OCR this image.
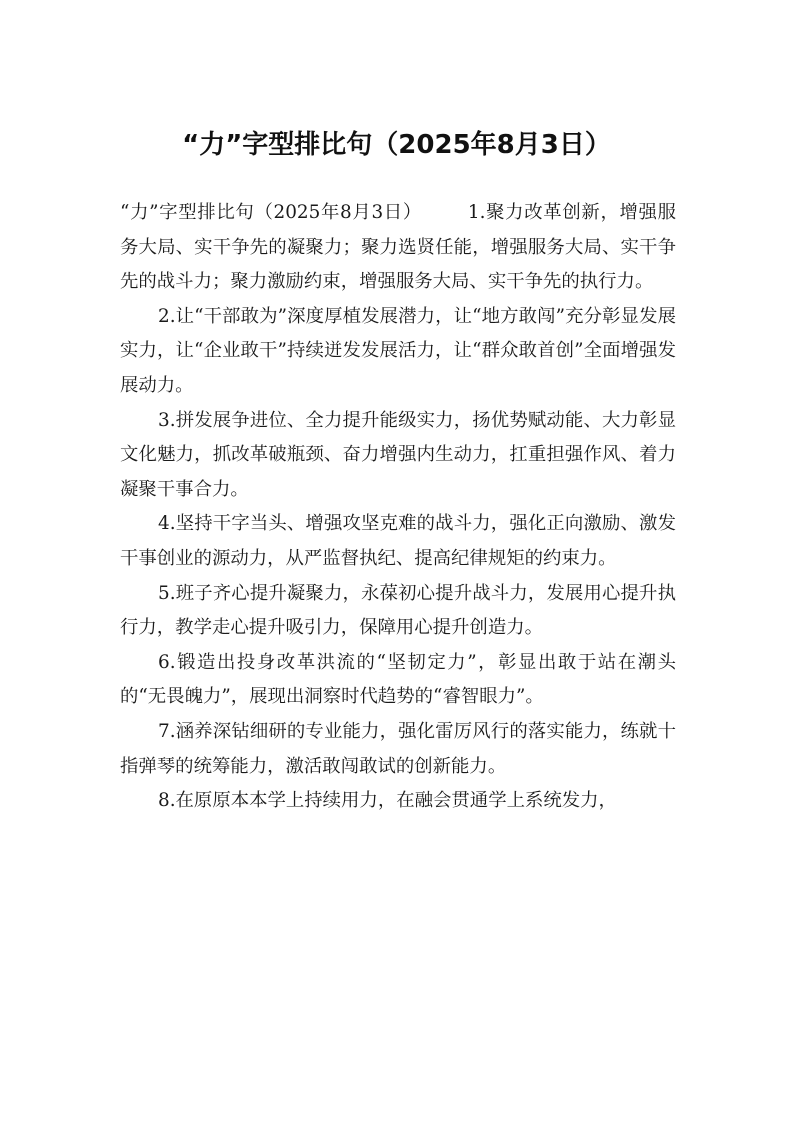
“力”字型排比句（2025年8月3日）

“力”字型排比句（2025年8月3日）	1.聚力改革创新，增强服务大局、实干争先的凝聚力；聚力选贤任能，增强服务大局、实干争先的战斗力；聚力激励约束，增强服务大局、实干争先的执行力。

2.让“干部敢为”深度厚植发展潜力，让“地方敢闯”充分彰显发展实力，让“企业敢干”持续迸发发展活力，让“群众敢首创”全面增强发展动力。

3.拼发展争进位、全力提升能级实力，扬优势赋动能、大力彰显文化魅力，抓改革破瓶颈、奋力增强内生动力，扛重担强作风、着力凝聚干事合力。

4.坚持干字当头、增强攻坚克难的战斗力，强化正向激励、激发干事创业的源动力，从严监督执纪、提高纪律规矩的约束力。

5.班子齐心提升凝聚力，永葆初心提升战斗力，发展用心提升执行力，教学走心提升吸引力，保障用心提升创造力。

6.锻造出投身改革洪流的“坚韧定力”，彰显出敢于站在潮头的“无畏魄力”，展现出洞察时代趋势的“睿智眼力”。

7.涵养深钻细研的专业能力，强化雷厉风行的落实能力，练就十指弹琴的统筹能力，激活敢闯敢试的创新能力。

8.在原原本本学上持续用力，在融会贯通学上系统发力，
